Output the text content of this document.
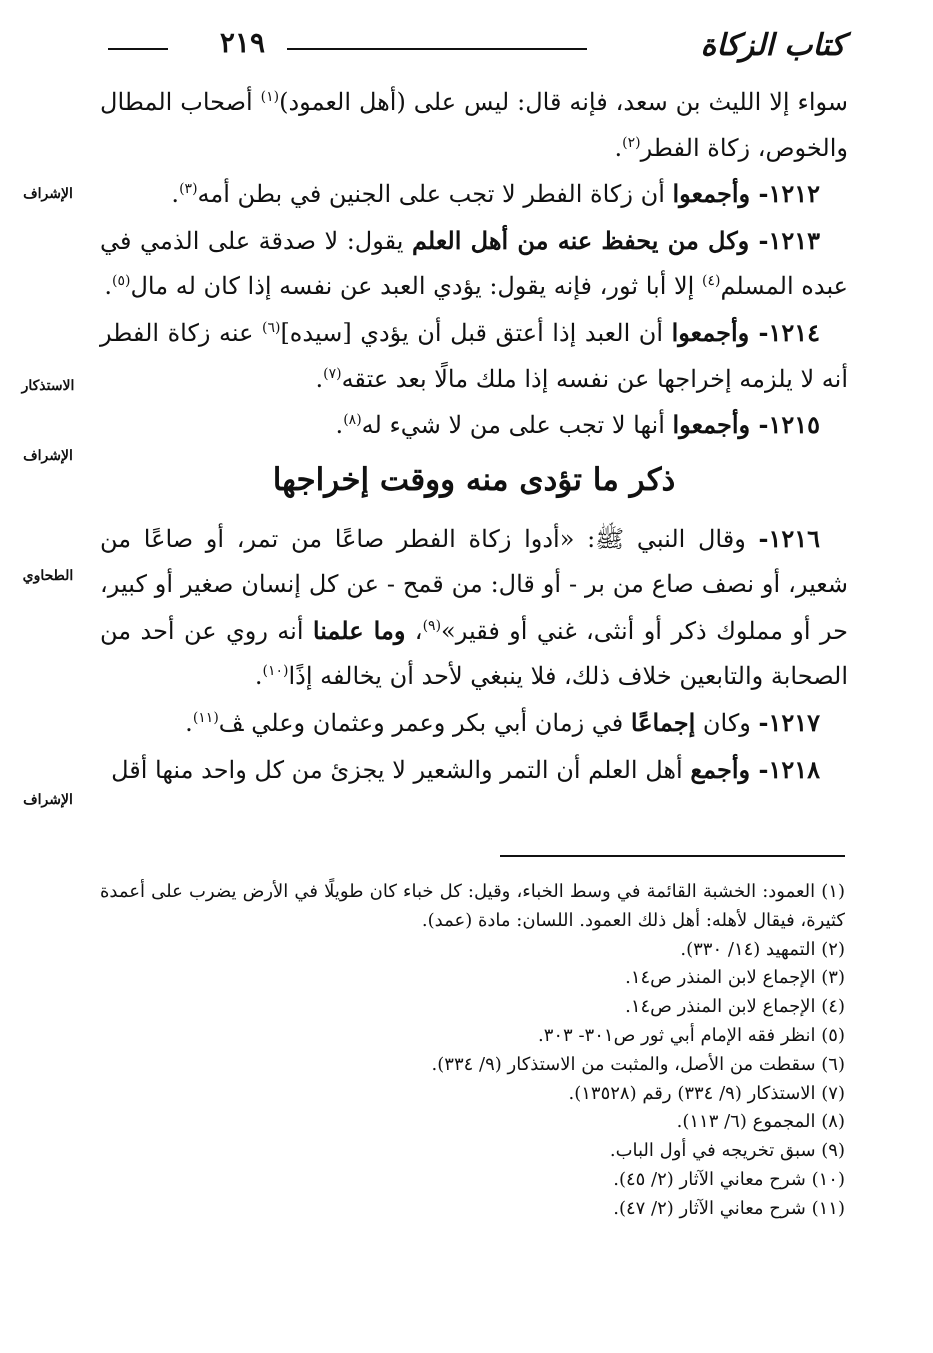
كتاب الزكاة
٢١٩
الإشراف
الاستذكار
الإشراف
الطحاوي
الإشراف

سواء إلا الليث بن سعد، فإنه قال: ليس على (أهل العمود)$^{(١)}$ أصحاب المطال والخوص، زكاة الفطر$^{(٢)}$.

١٢١٢- وأجمعوا أن زكاة الفطر لا تجب على الجنين في بطن أمه$^{(٣)}$.

١٢١٣- وكل من يحفظ عنه من أهل العلم يقول: لا صدقة على الذمي في عبده المسلم$^{(٤)}$ إلا أبا ثور، فإنه يقول: يؤدي العبد عن نفسه إذا كان له مال$^{(٥)}$.

١٢١٤- وأجمعوا أن العبد إذا أعتق قبل أن يؤدي [سيده]$^{(٦)}$ عنه زكاة الفطر أنه لا يلزمه إخراجها عن نفسه إذا ملك مالًا بعد عتقه$^{(٧)}$.

١٢١٥- وأجمعوا أنها لا تجب على من لا شيء له$^{(٨)}$.

ذكر ما تؤدى منه ووقت إخراجها

١٢١٦- وقال النبي ﷺ: «أدوا زكاة الفطر صاعًا من تمر، أو صاعًا من شعير، أو نصف صاع من بر - أو قال: من قمح - عن كل إنسان صغير أو كبير، حر أو مملوك ذكر أو أنثى، غني أو فقير»$^{(٩)}$، وما علمنا أنه روي عن أحد من الصحابة والتابعين خلاف ذلك، فلا ينبغي لأحد أن يخالفه إذًا$^{(١٠)}$.

١٢١٧- وكان إجماعًا في زمان أبي بكر وعمر وعثمان وعلي ﭫ$^{(١١)}$.

١٢١٨- وأجمع أهل العلم أن التمر والشعير لا يجزئ من كل واحد منها أقل

(١) العمود: الخشبة القائمة في وسط الخباء، وقيل: كل خباء كان طويلًا في الأرض يضرب على أعمدة كثيرة، فيقال لأهله: أهل ذلك العمود. اللسان: مادة (عمد).

(٢) التمهيد (١٤/ ٣٣٠).

(٣) الإجماع لابن المنذر ص١٤.

(٤) الإجماع لابن المنذر ص١٤.

(٥) انظر فقه الإمام أبي ثور ص٣٠١- ٣٠٣.

(٦) سقطت من الأصل، والمثبت من الاستذكار (٩/ ٣٣٤).

(٧) الاستذكار (٩/ ٣٣٤) رقم (١٣٥٢٨).

(٨) المجموع (٦/ ١١٣).

(٩) سبق تخريجه في أول الباب.

(١٠) شرح معاني الآثار (٢/ ٤٥).

(١١) شرح معاني الآثار (٢/ ٤٧).
